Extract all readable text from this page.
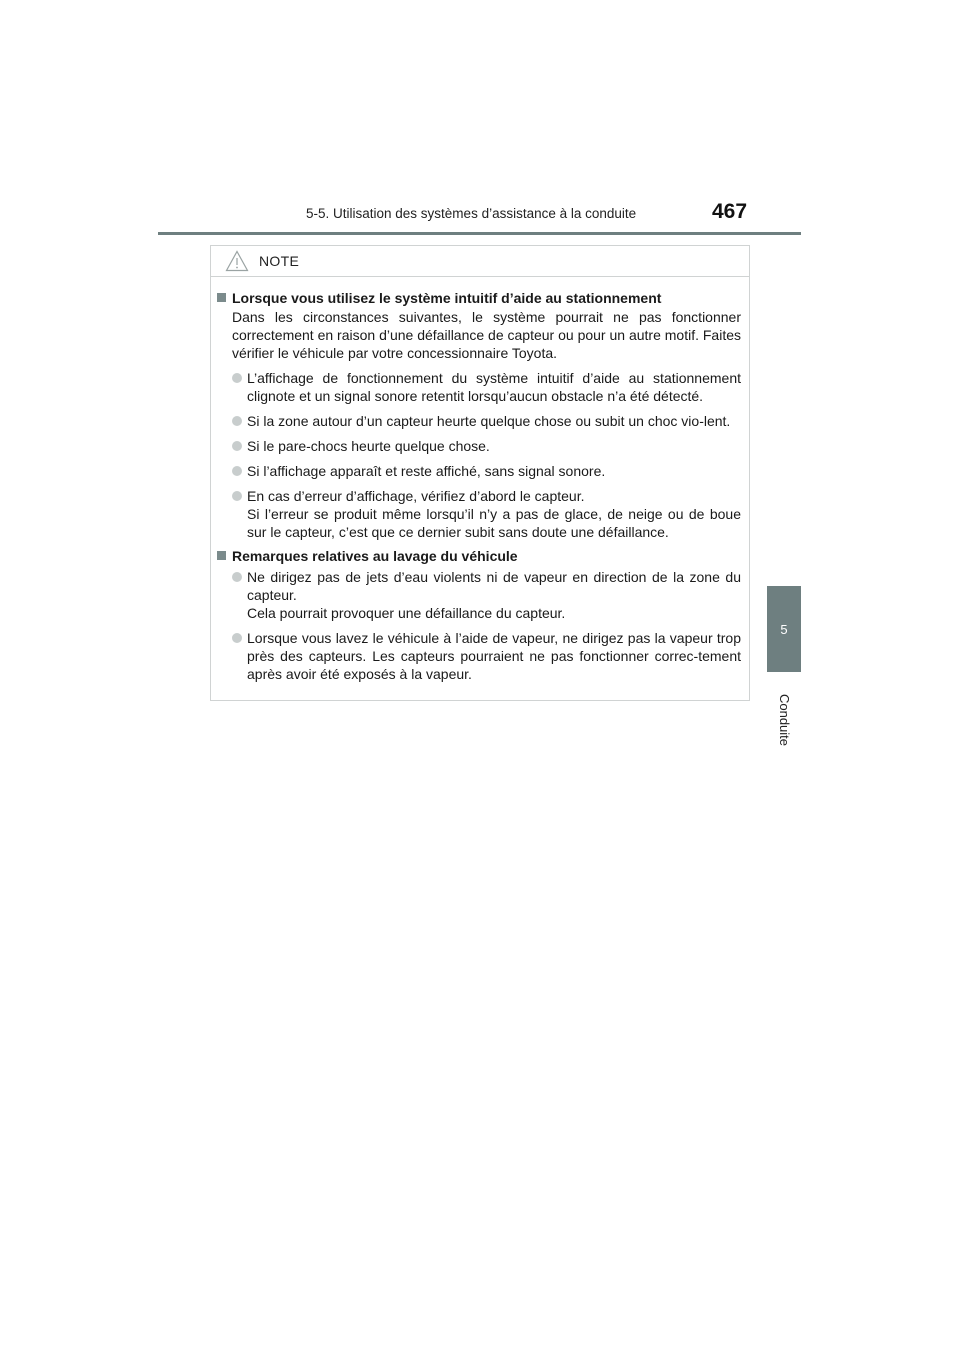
5-5. Utilisation des systèmes d’assistance à la conduite	467
5
Conduite
NOTE
Lorsque vous utilisez le système intuitif d’aide au stationnement
Dans les circonstances suivantes, le système pourrait ne pas fonctionner correctement en raison d’une défaillance de capteur ou pour un autre motif. Faites vérifier le véhicule par votre concessionnaire Toyota.
L’affichage de fonctionnement du système intuitif d’aide au stationnement clignote et un signal sonore retentit lorsqu’aucun obstacle n’a été détecté.
Si la zone autour d’un capteur heurte quelque chose ou subit un choc vio-lent.
Si le pare-chocs heurte quelque chose.
Si l’affichage apparaît et reste affiché, sans signal sonore.
En cas d’erreur d’affichage, vérifiez d’abord le capteur.
Si l’erreur se produit même lorsqu’il n’y a pas de glace, de neige ou de boue sur le capteur, c’est que ce dernier subit sans doute une défaillance.
Remarques relatives au lavage du véhicule
Ne dirigez pas de jets d’eau violents ni de vapeur en direction de la zone du capteur.
Cela pourrait provoquer une défaillance du capteur.
Lorsque vous lavez le véhicule à l’aide de vapeur, ne dirigez pas la vapeur trop près des capteurs. Les capteurs pourraient ne pas fonctionner correc-tement après avoir été exposés à la vapeur.
